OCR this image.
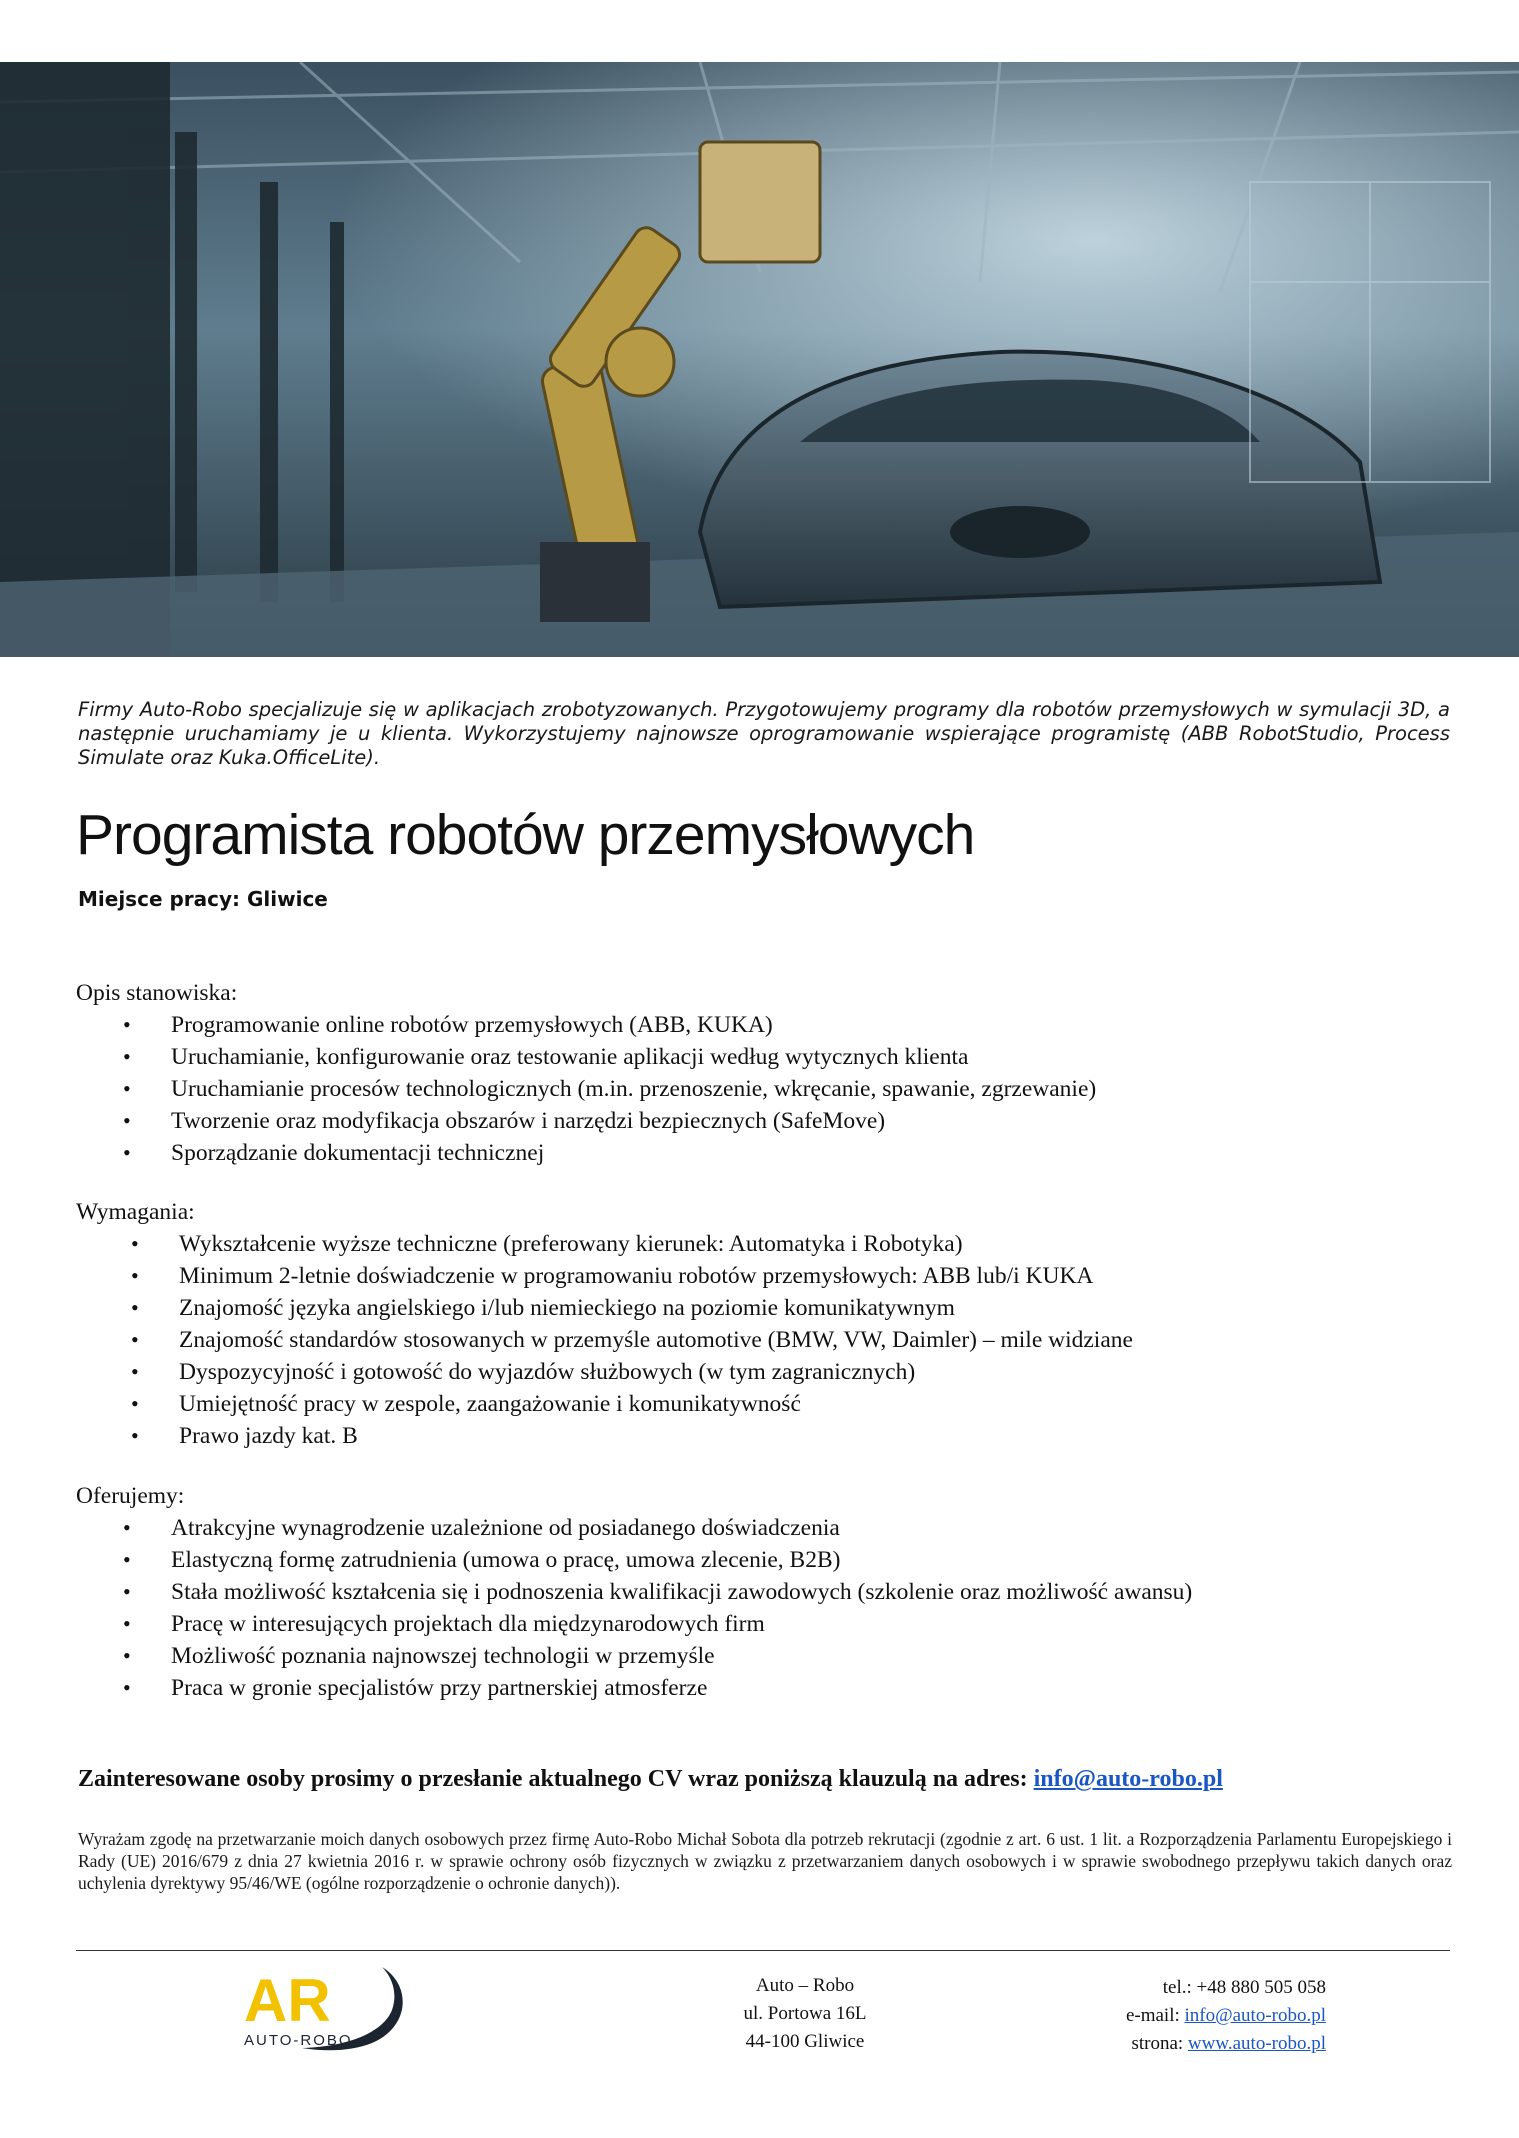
Firmy Auto-Robo specjalizuje się w aplikacjach zrobotyzowanych. Przygotowujemy programy dla robotów przemysłowych w symulacji 3D, a następnie uruchamiamy je u klienta. Wykorzystujemy najnowsze oprogramowanie wspierające programistę (ABB RobotStudio, Process Simulate oraz Kuka.OfficeLite).
Programista robotów przemysłowych
Miejsce pracy: Gliwice
Opis stanowiska:
• Programowanie online robotów przemysłowych (ABB, KUKA)
• Uruchamianie, konfigurowanie oraz testowanie aplikacji według wytycznych klienta
• Uruchamianie procesów technologicznych (m.in. przenoszenie, wkręcanie, spawanie, zgrzewanie)
• Tworzenie oraz modyfikacja obszarów i narzędzi bezpiecznych (SafeMove)
• Sporządzanie dokumentacji technicznej
Wymagania:
• Wykształcenie wyższe techniczne (preferowany kierunek: Automatyka i Robotyka)
• Minimum 2-letnie doświadczenie w programowaniu robotów przemysłowych: ABB lub/i KUKA
• Znajomość języka angielskiego i/lub niemieckiego na poziomie komunikatywnym
• Znajomość standardów stosowanych w przemyśle automotive (BMW, VW, Daimler) – mile widziane
• Dyspozycyjność i gotowość do wyjazdów służbowych (w tym zagranicznych)
• Umiejętność pracy w zespole, zaangażowanie i komunikatywność
• Prawo jazdy kat. B
Oferujemy:
• Atrakcyjne wynagrodzenie uzależnione od posiadanego doświadczenia
• Elastyczną formę zatrudnienia (umowa o pracę, umowa zlecenie, B2B)
• Stała możliwość kształcenia się i podnoszenia kwalifikacji zawodowych (szkolenie oraz możliwość awansu)
• Pracę w interesujących projektach dla międzynarodowych firm
• Możliwość poznania najnowszej technologii w przemyśle
• Praca w gronie specjalistów przy partnerskiej atmosferze
Zainteresowane osoby prosimy o przesłanie aktualnego CV wraz poniższą klauzulą na adres: info@auto-robo.pl
Wyrażam zgodę na przetwarzanie moich danych osobowych przez firmę Auto-Robo Michał Sobota dla potrzeb rekrutacji (zgodnie z art. 6 ust. 1 lit. a Rozporządzenia Parlamentu Europejskiego i Rady (UE) 2016/679 z dnia 27 kwietnia 2016 r. w sprawie ochrony osób fizycznych w związku z przetwarzaniem danych osobowych i w sprawie swobodnego przepływu takich danych oraz uchylenia dyrektywy 95/46/WE (ogólne rozporządzenie o ochronie danych)).
AR
AUTO-ROBO
Auto – Robo
ul. Portowa 16L
44-100 Gliwice
tel.: +48 880 505 058
e-mail: info@auto-robo.pl
strona: www.auto-robo.pl
